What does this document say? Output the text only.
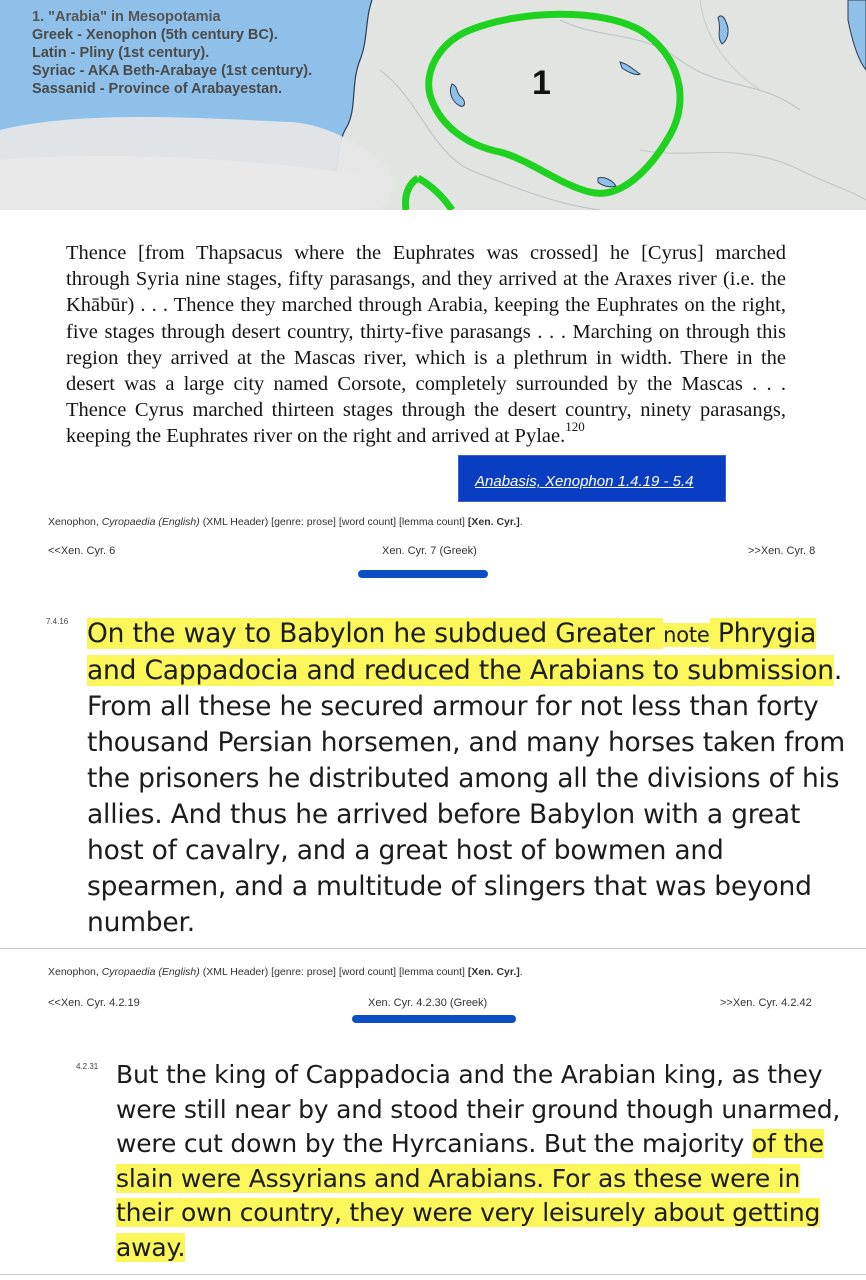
1. "Arabia" in Mesopotamia
Greek - Xenophon (5th century BC).
Latin - Pliny (1st century).
Syriac - AKA Beth-Arabaye (1st century).
Sassanid - Province of Arabayestan.	1
Thence [from Thapsacus where the Euphrates was crossed] he [Cyrus] marched through Syria nine stages, fifty parasangs, and they arrived at the Araxes river (i.e. the Khābūr) . . . Thence they marched through Arabia, keeping the Euphrates on the right, five stages through desert country, thirty-five parasangs . . . Marching on through this region they arrived at the Mascas river, which is a plethrum in width. There in the desert was a large city named Corsote, completely surrounded by the Mascas . . . Thence Cyrus marched thirteen stages through the desert country, ninety parasangs, keeping the Euphrates river on the right and arrived at Pylae.$^{120}$
Anabasis, Xenophon 1.4.19 - 5.4
Xenophon, Cyropaedia (English) (XML Header) [genre: prose] [word count] [lemma count] [Xen. Cyr.].
<<Xen. Cyr. 6	Xen. Cyr. 7 (Greek)	>>Xen. Cyr. 8
7.4.16 On the way to Babylon he subdued Greater note Phrygia and Cappadocia and reduced the Arabians to submission. From all these he secured armour for not less than forty thousand Persian horsemen, and many horses taken from the prisoners he distributed among all the divisions of his allies. And thus he arrived before Babylon with a great host of cavalry, and a great host of bowmen and spearmen, and a multitude of slingers that was beyond number.
Xenophon, Cyropaedia (English) (XML Header) [genre: prose] [word count] [lemma count] [Xen. Cyr.].
<<Xen. Cyr. 4.2.19	Xen. Cyr. 4.2.30 (Greek)	>>Xen. Cyr. 4.2.42
4.2.31 But the king of Cappadocia and the Arabian king, as they were still near by and stood their ground though unarmed, were cut down by the Hyrcanians. But the majority of the slain were Assyrians and Arabians. For as these were in their own country, they were very leisurely about getting away.
